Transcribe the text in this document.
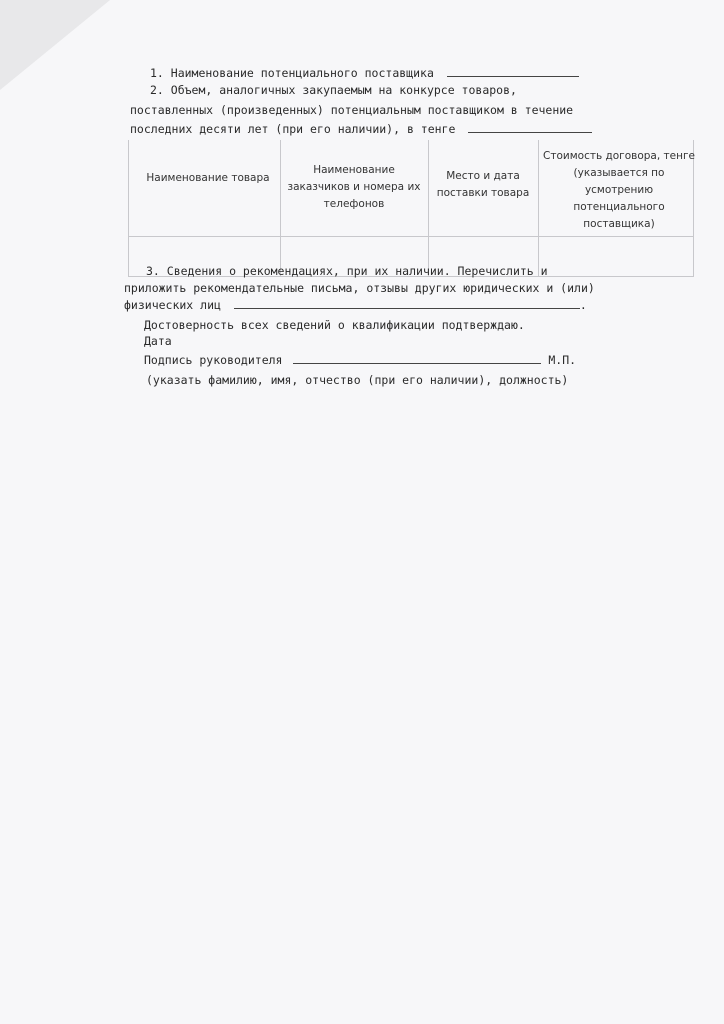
1. Наименование потенциального поставщика
2. Объем, аналогичных закупаемым на конкурсе товаров,
поставленных (произведенных) потенциальным поставщиком в течение
последних десяти лет (при его наличии), в тенге
Наименование товара
Наименование заказчиков и номера их телефонов
Место и дата поставки товара
Стоимость договора, тенге (указывается по усмотрению потенциального поставщика)
3. Сведения о рекомендациях, при их наличии. Перечислить и
приложить рекомендательные письма, отзывы других юридических и (или)
физических лиц	.
Достоверность всех сведений о квалификации подтверждаю.
Дата
Подпись руководителя	М.П.
(указать фамилию, имя, отчество (при его наличии), должность)
